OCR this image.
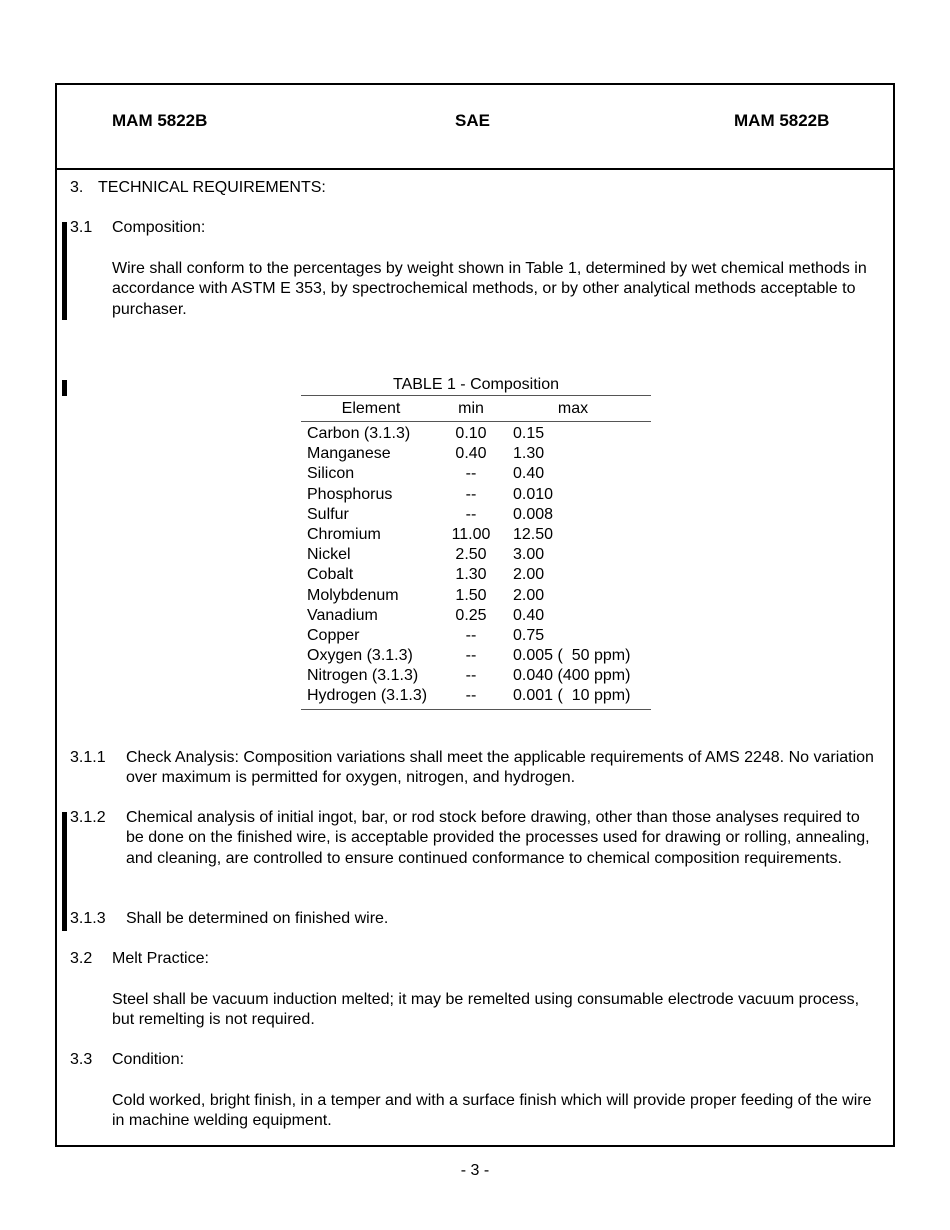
MAM 5822B	SAE	MAM 5822B
3. TECHNICAL REQUIREMENTS:
3.1 Composition:
Wire shall conform to the percentages by weight shown in Table 1, determined by wet chemical methods in accordance with ASTM E 353, by spectrochemical methods, or by other analytical methods acceptable to purchaser.
TABLE 1 - Composition
Element	min	max
Carbon (3.1.3)	0.10	0.15
Manganese	0.40	1.30
Silicon	--	0.40
Phosphorus	--	0.010
Sulfur	--	0.008
Chromium	11.00	12.50
Nickel	2.50	3.00
Cobalt	1.30	2.00
Molybdenum	1.50	2.00
Vanadium	0.25	0.40
Copper	--	0.75
Oxygen (3.1.3)	--	0.005 (  50 ppm)
Nitrogen (3.1.3)	--	0.040 (400 ppm)
Hydrogen (3.1.3)	--	0.001 (  10 ppm)
3.1.1 Check Analysis: Composition variations shall meet the applicable requirements of AMS 2248. No variation over maximum is permitted for oxygen, nitrogen, and hydrogen.
3.1.2 Chemical analysis of initial ingot, bar, or rod stock before drawing, other than those analyses required to be done on the finished wire, is acceptable provided the processes used for drawing or rolling, annealing, and cleaning, are controlled to ensure continued conformance to chemical composition requirements.
3.1.3 Shall be determined on finished wire.
3.2 Melt Practice:
Steel shall be vacuum induction melted; it may be remelted using consumable electrode vacuum process, but remelting is not required.
3.3 Condition:
Cold worked, bright finish, in a temper and with a surface finish which will provide proper feeding of the wire in machine welding equipment.
- 3 -
